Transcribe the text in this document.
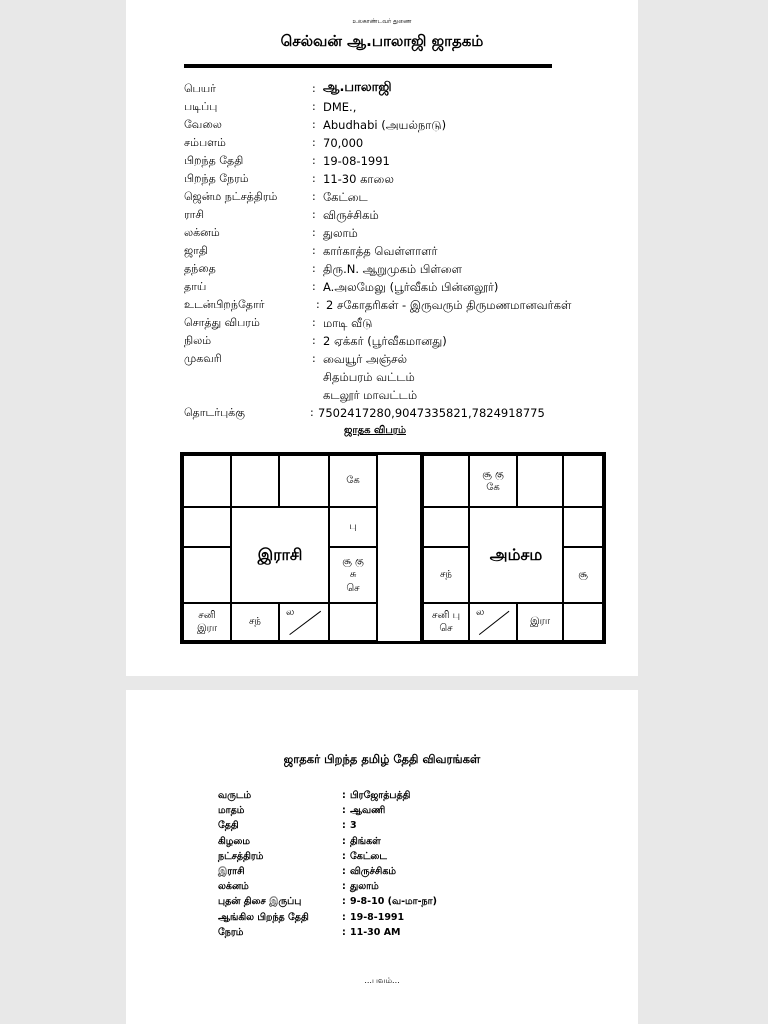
உலகாண்டவர் துணை
செல்வன் ஆ.பாலாஜி ஜாதகம்
பெயர்	: ஆ.பாலாஜி
படிப்பு	: DME.,
வேலை	: Abudhabi (அயல்நாடு)
சம்பளம்	: 70,000
பிறந்த தேதி	: 19-08-1991
பிறந்த நேரம்	: 11-30 காலை
ஜென்ம நட்சத்திரம்	: கேட்டை
ராசி	: விருச்சிகம்
லக்னம்	: துலாம்
ஜாதி	: கார்காத்த வெள்ளாளர்
தந்தை	: திரு.N. ஆறுமுகம் பிள்ளை
தாய்	: A.அலமேலு (பூர்வீகம் பின்னலூர்)
உடன்பிறந்தோர்	: 2 சகோதரிகள் - இருவரும் திருமணமானவர்கள்
சொத்து விபரம்	: மாடி வீடு
நிலம்	: 2 ஏக்கர் (பூர்வீகமானது)
முகவரி	: வையூர் அஞ்சல்
சிதம்பரம் வட்டம்
கடலூர் மாவட்டம்
தொடர்புக்கு	: 7502417280,9047335821,7824918775
ஜாதக விபரம்
கே
பு
சூ கு
சு
செ
சனி
இரா
சந்
ல
இராசி
சூ கு
கே
சந்	சூ
சனி பு
செ
ல
இரா
அம்சம
ஜாதகர் பிறந்த தமிழ் தேதி விவரங்கள்
வருடம்	: பிரஜோத்பத்தி
மாதம்	: ஆவணி
தேதி	: 3
கிழமை	: திங்கள்
நட்சத்திரம்	: கேட்டை
இராசி	: விருச்சிகம்
லக்னம்	: துலாம்
புதன் திசை இருப்பு	: 9-8-10 (வ-மா-நா)
ஆங்கில பிறந்த தேதி	: 19-8-1991
நேரம்	: 11-30 AM
...பவம்...
